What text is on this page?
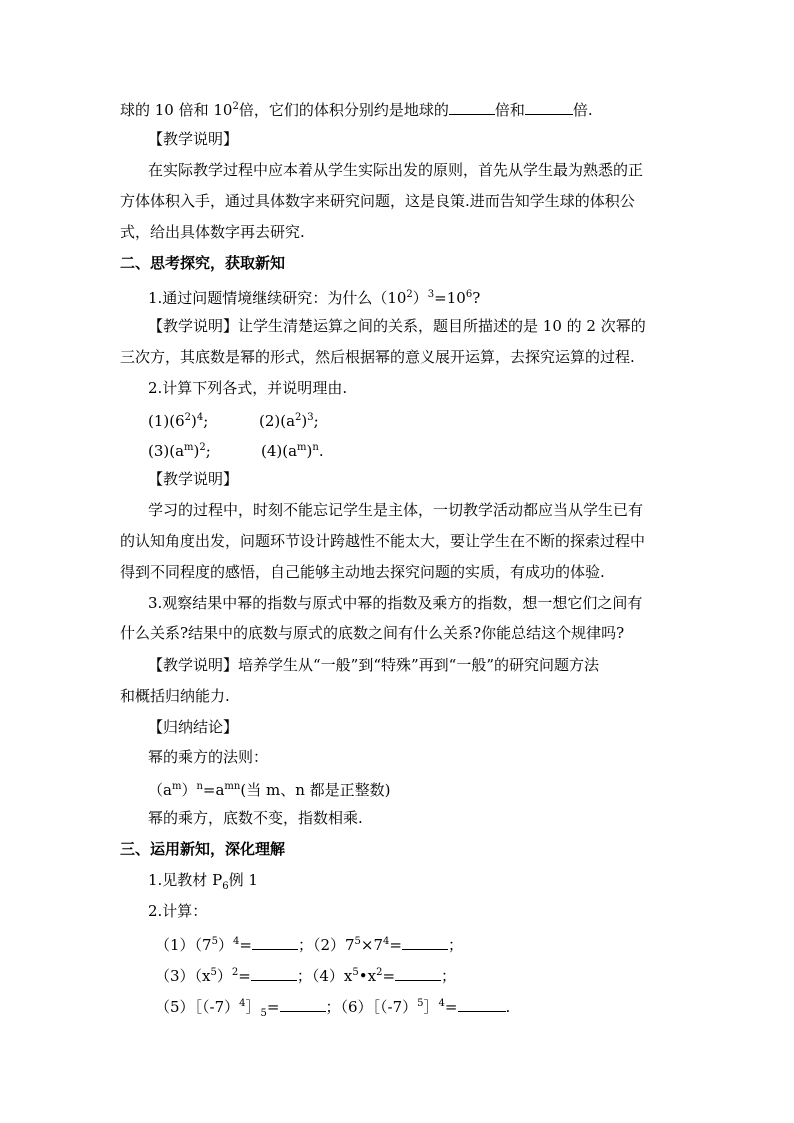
球的 10 倍和 $10^2$倍，它们的体积分别约是地球的	倍和	倍.
【教学说明】
在实际教学过程中应本着从学生实际出发的原则，首先从学生最为熟悉的正
方体体积入手，通过具体数字来研究问题，这是良策.进而告知学生球的体积公
式，给出具体数字再去研究.
二、思考探究，获取新知
1.通过问题情境继续研究：为什么$(10^2)^3=10^6$?
【教学说明】让学生清楚运算之间的关系，题目所描述的是 10 的 2 次幂的
三次方，其底数是幂的形式，然后根据幂的意义展开运算，去探究运算的过程.
2.计算下列各式，并说明理由.
$(1)(6^2)^4$;	$(2)(a^2)^3$;
$(3)(a^m)^2$;	$(4)(a^m)^n$.
【教学说明】
学习的过程中，时刻不能忘记学生是主体，一切教学活动都应当从学生已有
的认知角度出发，问题环节设计跨越性不能太大，要让学生在不断的探索过程中
得到不同程度的感悟，自己能够主动地去探究问题的实质，有成功的体验.
3.观察结果中幂的指数与原式中幂的指数及乘方的指数，想一想它们之间有
什么关系?结果中的底数与原式的底数之间有什么关系?你能总结这个规律吗?
【教学说明】培养学生从“一般”到“特殊”再到“一般”的研究问题方法
和概括归纳能力.
【归纳结论】
幂的乘方的法则：
$(a^m)^n=a^{mn}$(当 m、n 都是正整数)
幂的乘方，底数不变，指数相乘.
三、运用新知，深化理解
1.见教材 $P_6$例 1
2.计算：
$(1)(7^5)^4=$	；$(2)7^5\times 7^4=$	；
$(3)(x^5)^2=$	；$(4)x^5•x^2=$	；
$(5)[(-7)^4]_5=$	；$(6)[(-7)^5]^4=$	.
